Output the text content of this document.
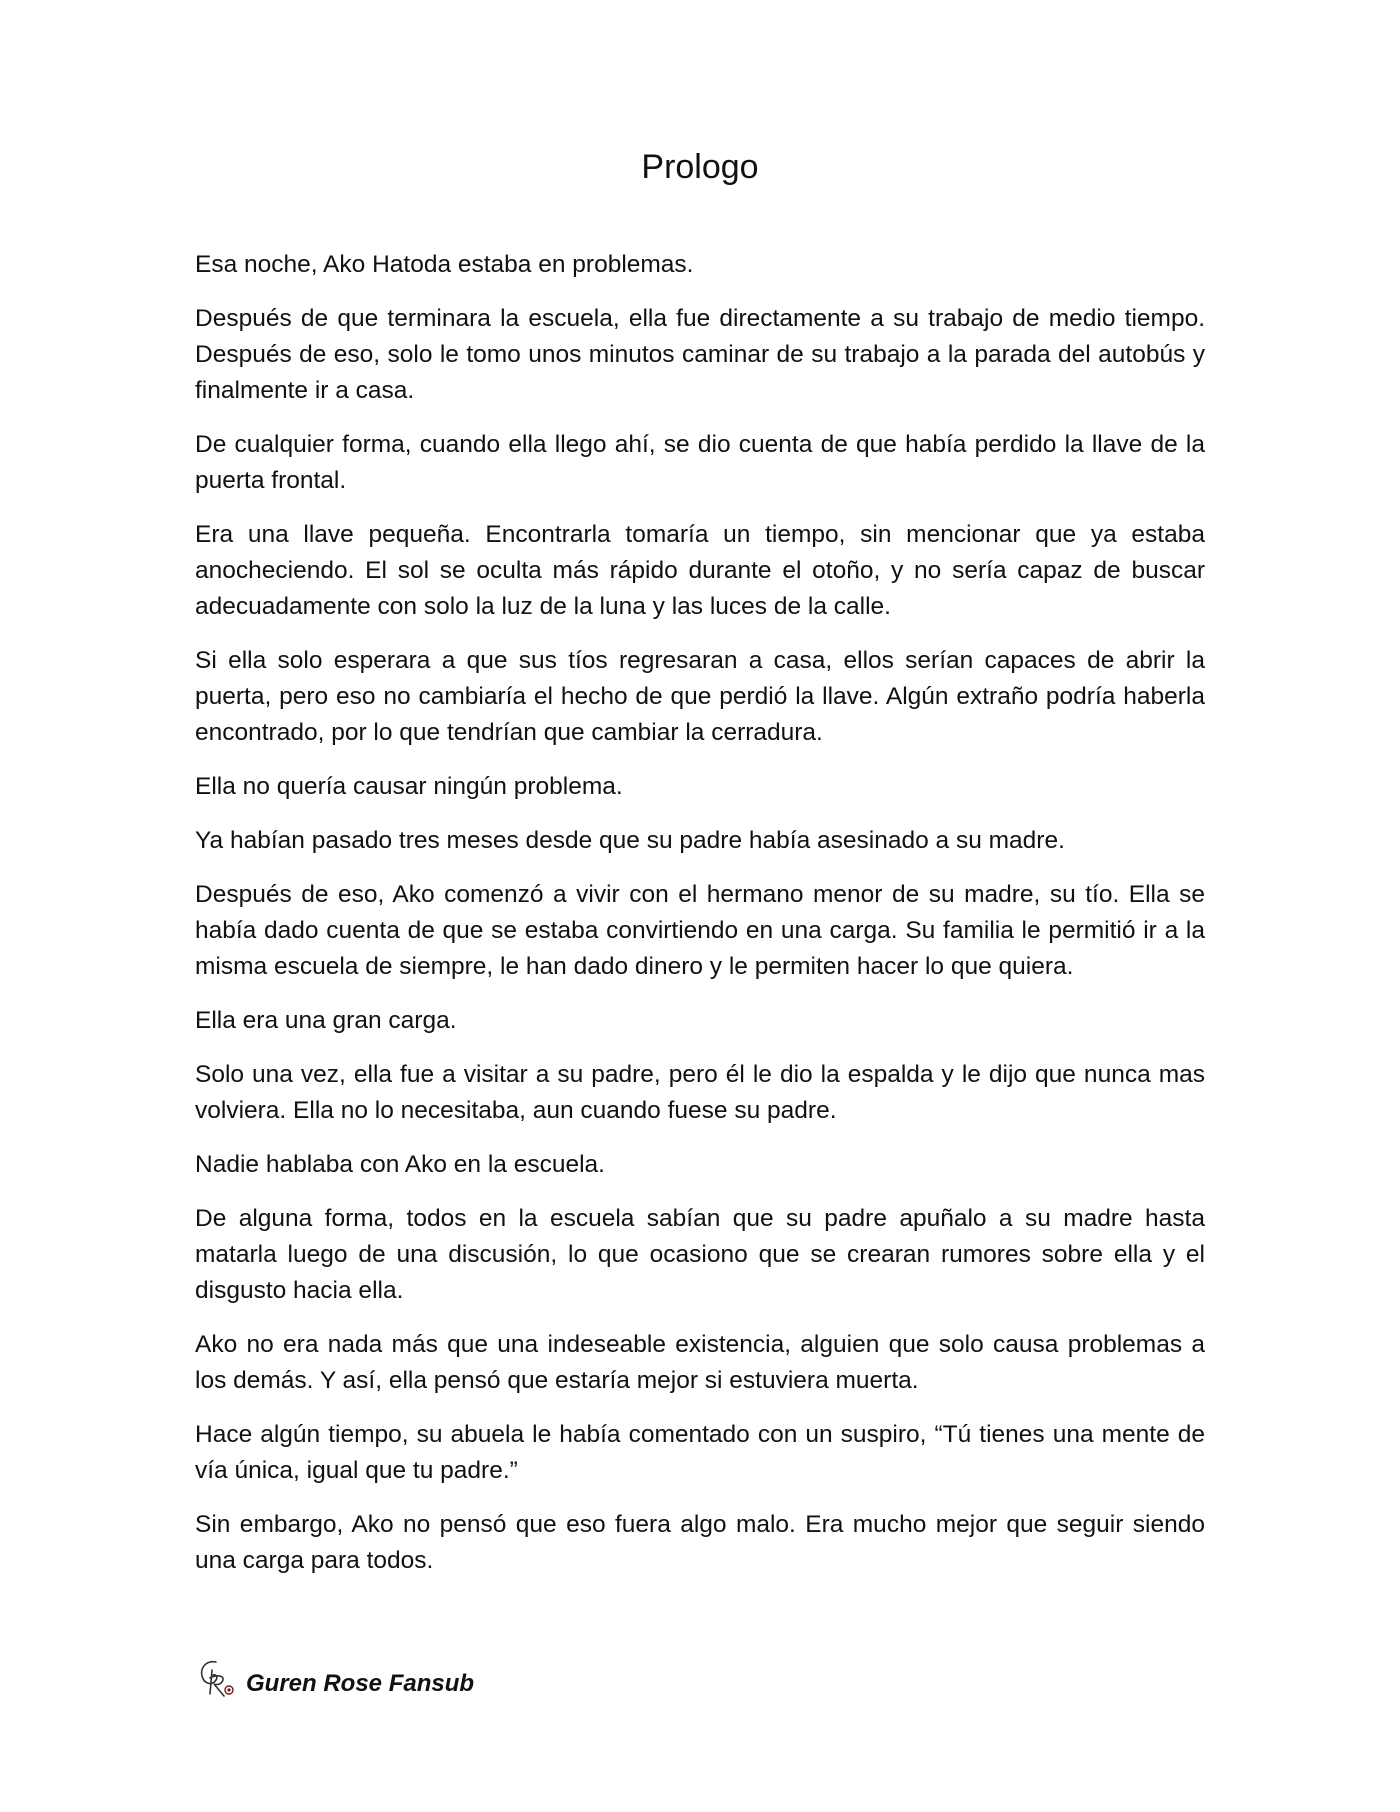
Prologo

Esa noche, Ako Hatoda estaba en problemas.

Después de que terminara la escuela, ella fue directamente a su trabajo de medio tiempo. Después de eso, solo le tomo unos minutos caminar de su trabajo a la parada del autobús y finalmente ir a casa.

De cualquier forma, cuando ella llego ahí, se dio cuenta de que había perdido la llave de la puerta frontal.

Era una llave pequeña. Encontrarla tomaría un tiempo, sin mencionar que ya estaba anocheciendo. El sol se oculta más rápido durante el otoño, y no sería capaz de buscar adecuadamente con solo la luz de la luna y las luces de la calle.

Si ella solo esperara a que sus tíos regresaran a casa, ellos serían capaces de abrir la puerta, pero eso no cambiaría el hecho de que perdió la llave. Algún extraño podría haberla encontrado, por lo que tendrían que cambiar la cerradura.

Ella no quería causar ningún problema.

Ya habían pasado tres meses desde que su padre había asesinado a su madre.

Después de eso, Ako comenzó a vivir con el hermano menor de su madre, su tío. Ella se había dado cuenta de que se estaba convirtiendo en una carga. Su familia le permitió ir a la misma escuela de siempre, le han dado dinero y le permiten hacer lo que quiera.

Ella era una gran carga.

Solo una vez, ella fue a visitar a su padre, pero él le dio la espalda y le dijo que nunca mas volviera. Ella no lo necesitaba, aun cuando fuese su padre.

Nadie hablaba con Ako en la escuela.

De alguna forma, todos en la escuela sabían que su padre apuñalo a su madre hasta matarla luego de una discusión, lo que ocasiono que se crearan rumores sobre ella y el disgusto hacia ella.

Ako no era nada más que una indeseable existencia, alguien que solo causa problemas a los demás. Y así, ella pensó que estaría mejor si estuviera muerta.

Hace algún tiempo, su abuela le había comentado con un suspiro, “Tú tienes una mente de vía única, igual que tu padre.”

Sin embargo, Ako no pensó que eso fuera algo malo. Era mucho mejor que seguir siendo una carga para todos.

Guren Rose Fansub
